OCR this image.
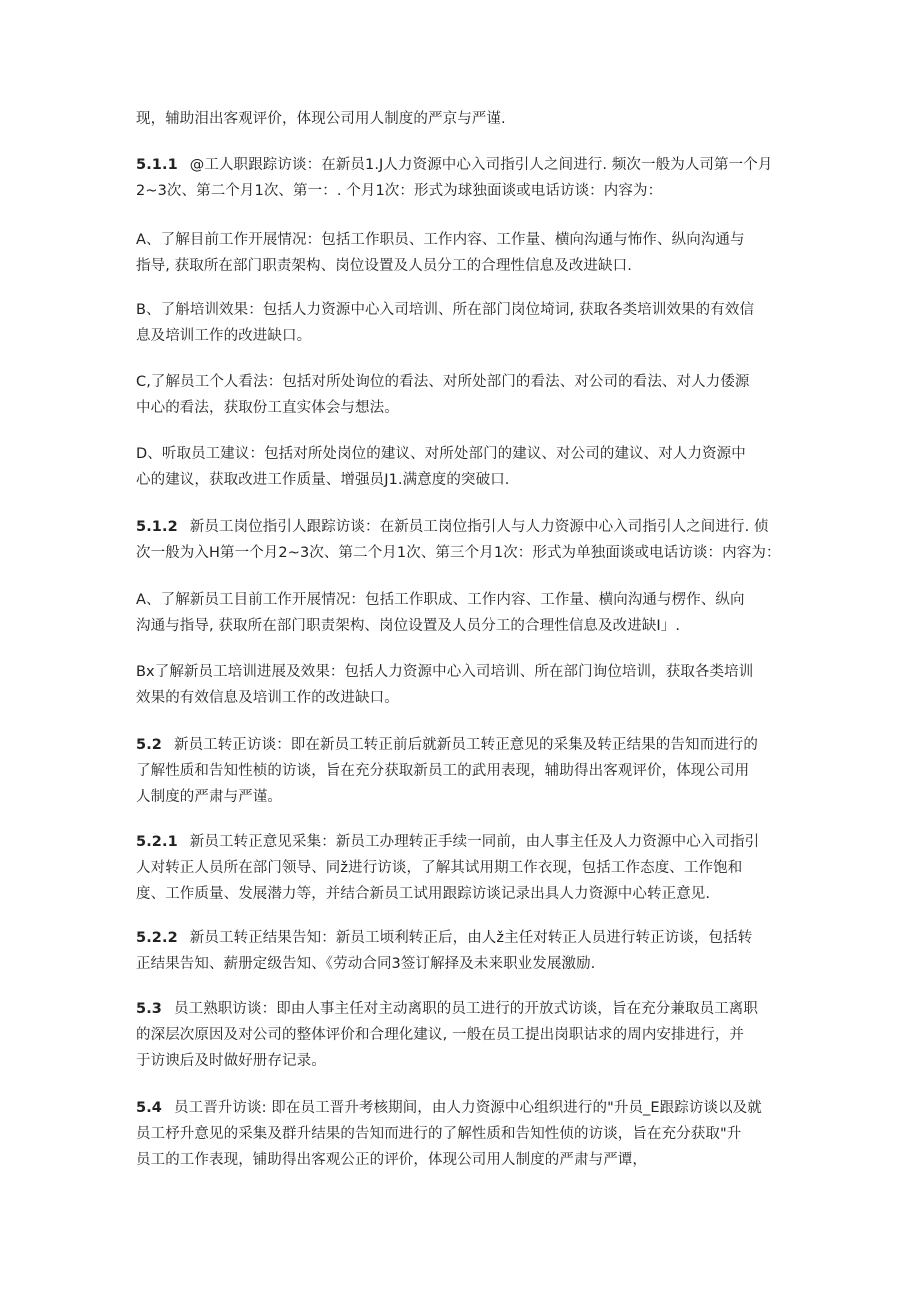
现，辅助泪出客观评价，体现公司用人制度的严京与严谨.
5.1.1 @工人职跟踪访谈：在新员1.J人力资源中心入司指引人之间进行. 频次一般为人司第一个月
2~3次、第二个月1次、第一：. 个月1次：形式为球独面谈或电话访谈：内容为：
A、了解目前工作开展情况：包括工作职员、工作内容、工作量、横向沟通与怖作、纵向沟通与
指导, 获取所在部门职责架构、岗位设置及人员分工的合理性信息及改进缺口.
B、了斛培训效果：包括人力资源中心入司培训、所在部门岗位埼词, 获取各类培训效果的有效信
息及培训工作的改进缺口。
C,了解员工个人看法：包括对所处询位的看法、对所处部门的看法、对公司的看法、对人力倭源
中心的看法，获取份工直实体会与想法。
D、听取员工建议：包括对所处岗位的建议、对所处部门的建议、对公司的建议、对人力资源中
心的建议，获取改进工作质量、增强员J1.满意度的突破口.
5.1.2 新员工岗位指引人跟踪访谈：在新员工岗位指引人与人力资源中心入司指引人之间进行. 侦
次一般为入H第一个月2~3次、第二个月1次、第三个月1次：形式为单独面谈或电话访谈：内容为：
A、了解新员工目前工作开展情况：包括工作职成、工作内容、工作量、横向沟通与楞作、纵向
沟通与指导, 获取所在部门职责架构、岗位设置及人员分工的合理性信息及改进缺I」.
Bx了解新员工培训进展及效果：包括人力资源中心入司培训、所在部门询位培训，获取各类培训
效果的有效信息及培训工作的改进缺口。
5.2 新员工转正访谈：即在新员工转正前后就新员工转正意见的采集及转正结果的告知而进行的
了解性质和告知性桢的访谈，旨在充分获取新员工的武用表现，辅助得出客观评价，体现公司用
人制度的严肃与严谨。
5.2.1 新员工转正意见采集：新员工办理转正手续一同前，由人事主任及人力资源中心入司指引
人对转正人员所在部门领导、同ž进行访谈，了解其试用期工作衣现，包括工作态度、工作饱和
度、工作质量、发展潜力等，并结合新员工试用跟踪访谈记录出具人力资源中心转正意见.
5.2.2 新员工转正结果告知：新员工顷利转正后，由人ž主任对转正人员进行转正访谈，包括转
正结果告知、薪册定级告知、《劳动合同3签订解择及未来职业发展激励.
5.3 员工熟职访谈：即由人事主任对主动离职的员工进行的开放式访谈，旨在充分兼取员工离职
的深层次原因及对公司的整体评价和合理化建议, 一般在员工提出岗职诂求的周内安排进行，并
于访谀后及时做好册存记录。
5.4 员工晋升访谈: 即在员工晋升考核期间，由人力资源中心组织进行的"升员_E跟踪访谈以及就
员工杼升意见的采集及群升结果的告知而进行的了解性质和告知性侦的访谈，旨在充分获取"升
员工的工作表现，铺助得出客观公正的评价，体现公司用人制度的严肃与严谭，
